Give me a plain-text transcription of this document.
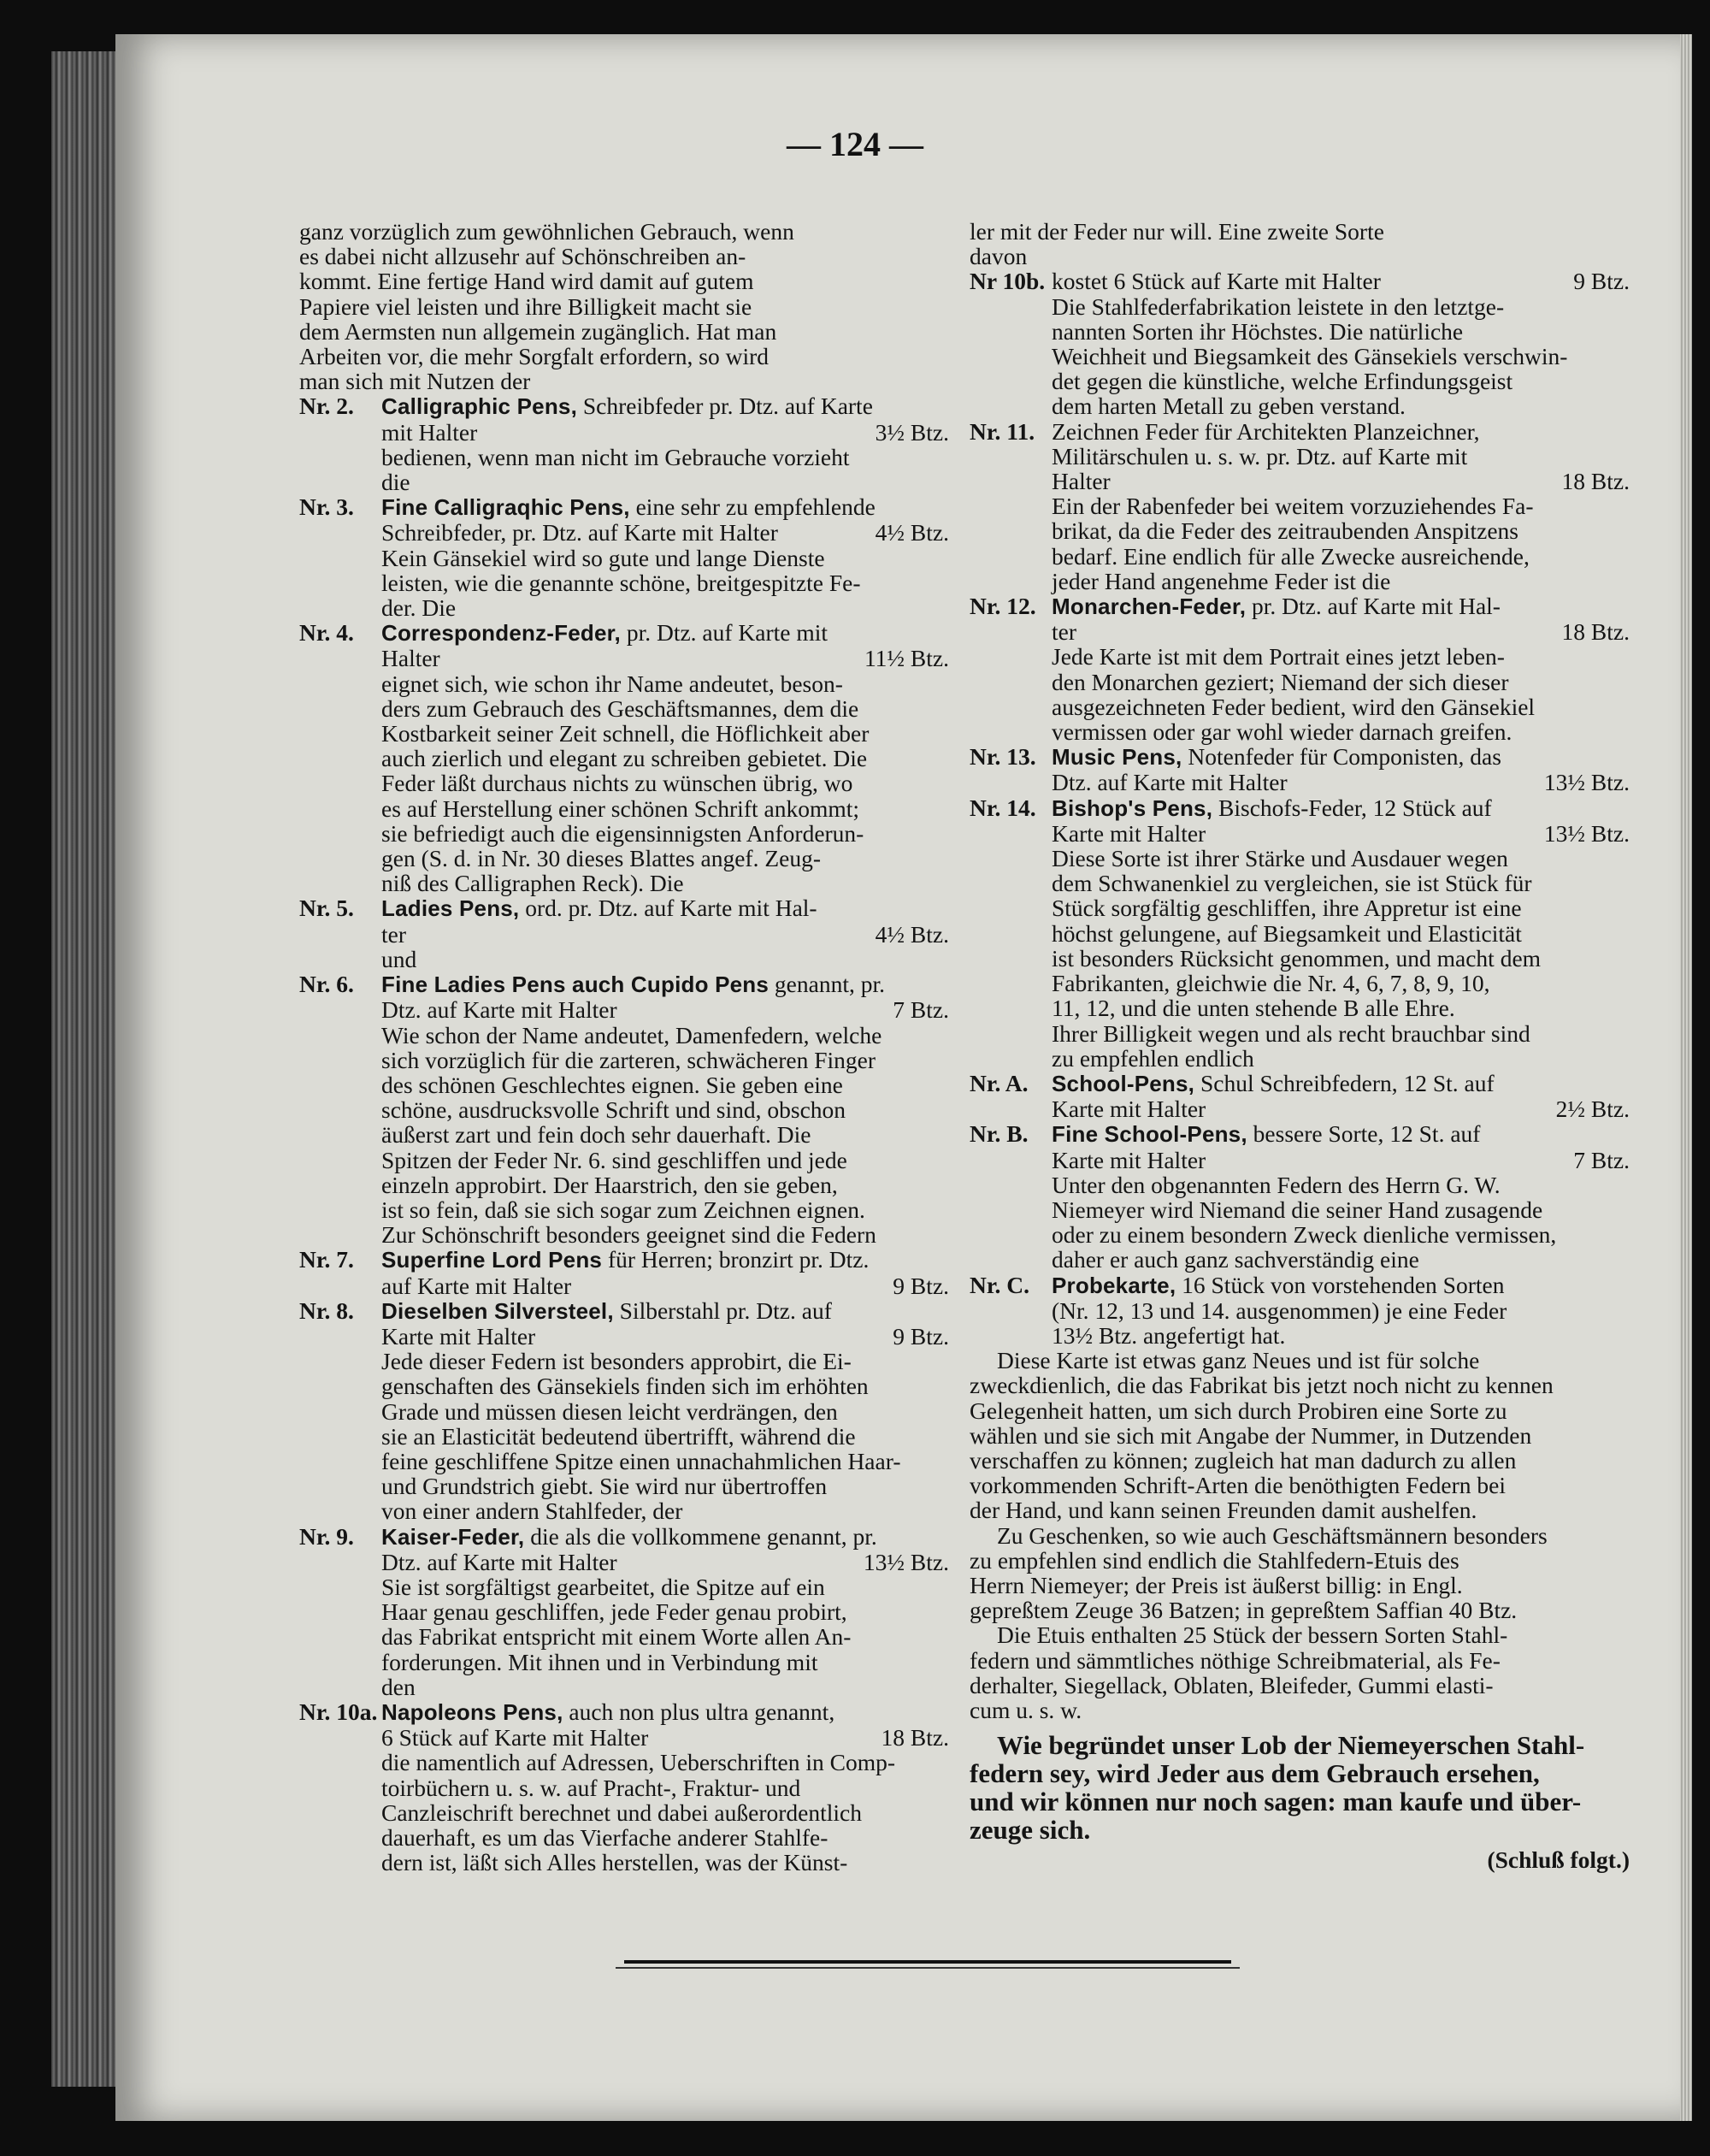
— 124 —
ganz vorzüglich zum gewöhnlichen Gebrauch, wenn
es dabei nicht allzusehr auf Schönschreiben an-
kommt. Eine fertige Hand wird damit auf gutem
Papiere viel leisten und ihre Billigkeit macht sie
dem Aermsten nun allgemein zugänglich. Hat man
Arbeiten vor, die mehr Sorgfalt erfordern, so wird
man sich mit Nutzen der
Nr. 2.	Calligraphic Pens, Schreibfeder pr. Dtz. auf Karte
mit Halter	3½ Btz.
bedienen, wenn man nicht im Gebrauche vorzieht
die
Nr. 3.	Fine Calligraqhic Pens, eine sehr zu empfehlende
Schreibfeder, pr. Dtz. auf Karte mit Halter	4½ Btz.
Kein Gänsekiel wird so gute und lange Dienste
leisten, wie die genannte schöne, breitgespitzte Fe-
der. Die
Nr. 4.	Correspondenz-Feder, pr. Dtz. auf Karte mit
Halter	11½ Btz.
eignet sich, wie schon ihr Name andeutet, beson-
ders zum Gebrauch des Geschäftsmannes, dem die
Kostbarkeit seiner Zeit schnell, die Höflichkeit aber
auch zierlich und elegant zu schreiben gebietet. Die
Feder läßt durchaus nichts zu wünschen übrig, wo
es auf Herstellung einer schönen Schrift ankommt;
sie befriedigt auch die eigensinnigsten Anforderun-
gen (S. d. in Nr. 30 dieses Blattes angef. Zeug-
niß des Calligraphen Reck). Die
Nr. 5.	Ladies Pens, ord. pr. Dtz. auf Karte mit Hal-
ter	4½ Btz.
und
Nr. 6.	Fine Ladies Pens auch Cupido Pens genannt, pr.
Dtz. auf Karte mit Halter	7 Btz.
Wie schon der Name andeutet, Damenfedern, welche
sich vorzüglich für die zarteren, schwächeren Finger
des schönen Geschlechtes eignen. Sie geben eine
schöne, ausdrucksvolle Schrift und sind, obschon
äußerst zart und fein doch sehr dauerhaft. Die
Spitzen der Feder Nr. 6. sind geschliffen und jede
einzeln approbirt. Der Haarstrich, den sie geben,
ist so fein, daß sie sich sogar zum Zeichnen eignen.
Zur Schönschrift besonders geeignet sind die Federn
Nr. 7.	Superfine Lord Pens für Herren; bronzirt pr. Dtz.
auf Karte mit Halter	9 Btz.
Nr. 8.	Dieselben Silversteel, Silberstahl pr. Dtz. auf
Karte mit Halter	9 Btz.
Jede dieser Federn ist besonders approbirt, die Ei-
genschaften des Gänsekiels finden sich im erhöhten
Grade und müssen diesen leicht verdrängen, den
sie an Elasticität bedeutend übertrifft, während die
feine geschliffene Spitze einen unnachahmlichen Haar-
und Grundstrich giebt. Sie wird nur übertroffen
von einer andern Stahlfeder, der
Nr. 9.	Kaiser-Feder, die als die vollkommene genannt, pr.
Dtz. auf Karte mit Halter	13½ Btz.
Sie ist sorgfältigst gearbeitet, die Spitze auf ein
Haar genau geschliffen, jede Feder genau probirt,
das Fabrikat entspricht mit einem Worte allen An-
forderungen. Mit ihnen und in Verbindung mit
den
Nr. 10a. Napoleons Pens, auch non plus ultra genannt,
6 Stück auf Karte mit Halter	18 Btz.
die namentlich auf Adressen, Ueberschriften in Comp-
toirbüchern u. s. w. auf Pracht-, Fraktur- und
Canzleischrift berechnet und dabei außerordentlich
dauerhaft, es um das Vierfache anderer Stahlfe-
dern ist, läßt sich Alles herstellen, was der Künst-
ler mit der Feder nur will. Eine zweite Sorte
davon
Nr 10b. kostet 6 Stück auf Karte mit Halter	9 Btz.
Die Stahlfederfabrikation leistete in den letztge-
nannten Sorten ihr Höchstes. Die natürliche
Weichheit und Biegsamkeit des Gänsekiels verschwin-
det gegen die künstliche, welche Erfindungsgeist
dem harten Metall zu geben verstand.
Nr. 11. Zeichnen Feder für Architekten Planzeichner,
Militärschulen u. s. w. pr. Dtz. auf Karte mit
Halter	18 Btz.
Ein der Rabenfeder bei weitem vorzuziehendes Fa-
brikat, da die Feder des zeitraubenden Anspitzens
bedarf. Eine endlich für alle Zwecke ausreichende,
jeder Hand angenehme Feder ist die
Nr. 12. Monarchen-Feder, pr. Dtz. auf Karte mit Hal-
ter	18 Btz.
Jede Karte ist mit dem Portrait eines jetzt leben-
den Monarchen geziert; Niemand der sich dieser
ausgezeichneten Feder bedient, wird den Gänsekiel
vermissen oder gar wohl wieder darnach greifen.
Nr. 13. Music Pens, Notenfeder für Componisten, das
Dtz. auf Karte mit Halter	13½ Btz.
Nr. 14. Bishop's Pens, Bischofs-Feder, 12 Stück auf
Karte mit Halter	13½ Btz.
Diese Sorte ist ihrer Stärke und Ausdauer wegen
dem Schwanenkiel zu vergleichen, sie ist Stück für
Stück sorgfältig geschliffen, ihre Appretur ist eine
höchst gelungene, auf Biegsamkeit und Elasticität
ist besonders Rücksicht genommen, und macht dem
Fabrikanten, gleichwie die Nr. 4, 6, 7, 8, 9, 10,
11, 12, und die unten stehende B alle Ehre.
Ihrer Billigkeit wegen und als recht brauchbar sind
zu empfehlen endlich
Nr. A.	School-Pens, Schul Schreibfedern, 12 St. auf
Karte mit Halter	2½ Btz.
Nr. B.	Fine School-Pens, bessere Sorte, 12 St. auf
Karte mit Halter	7 Btz.
Unter den obgenannten Federn des Herrn G. W.
Niemeyer wird Niemand die seiner Hand zusagende
oder zu einem besondern Zweck dienliche vermissen,
daher er auch ganz sachverständig eine
Nr. C. Probekarte, 16 Stück von vorstehenden Sorten
(Nr. 12, 13 und 14. ausgenommen) je eine Feder
13½ Btz. angefertigt hat.
Diese Karte ist etwas ganz Neues und ist für solche
zweckdienlich, die das Fabrikat bis jetzt noch nicht zu kennen
Gelegenheit hatten, um sich durch Probiren eine Sorte zu
wählen und sie sich mit Angabe der Nummer, in Dutzenden
verschaffen zu können; zugleich hat man dadurch zu allen
vorkommenden Schrift-Arten die benöthigten Federn bei
der Hand, und kann seinen Freunden damit aushelfen.
Zu Geschenken, so wie auch Geschäftsmännern besonders
zu empfehlen sind endlich die Stahlfedern-Etuis des
Herrn Niemeyer; der Preis ist äußerst billig: in Engl.
gepreßtem Zeuge 36 Batzen; in gepreßtem Saffian 40 Btz.
Die Etuis enthalten 25 Stück der bessern Sorten Stahl-
federn und sämmtliches nöthige Schreibmaterial, als Fe-
derhalter, Siegellack, Oblaten, Bleifeder, Gummi elasti-
cum u. s. w.
Wie begründet unser Lob der Niemeyerschen Stahl-
federn sey, wird Jeder aus dem Gebrauch ersehen,
und wir können nur noch sagen: man kaufe und über-
zeuge sich.
(Schluß folgt.)
